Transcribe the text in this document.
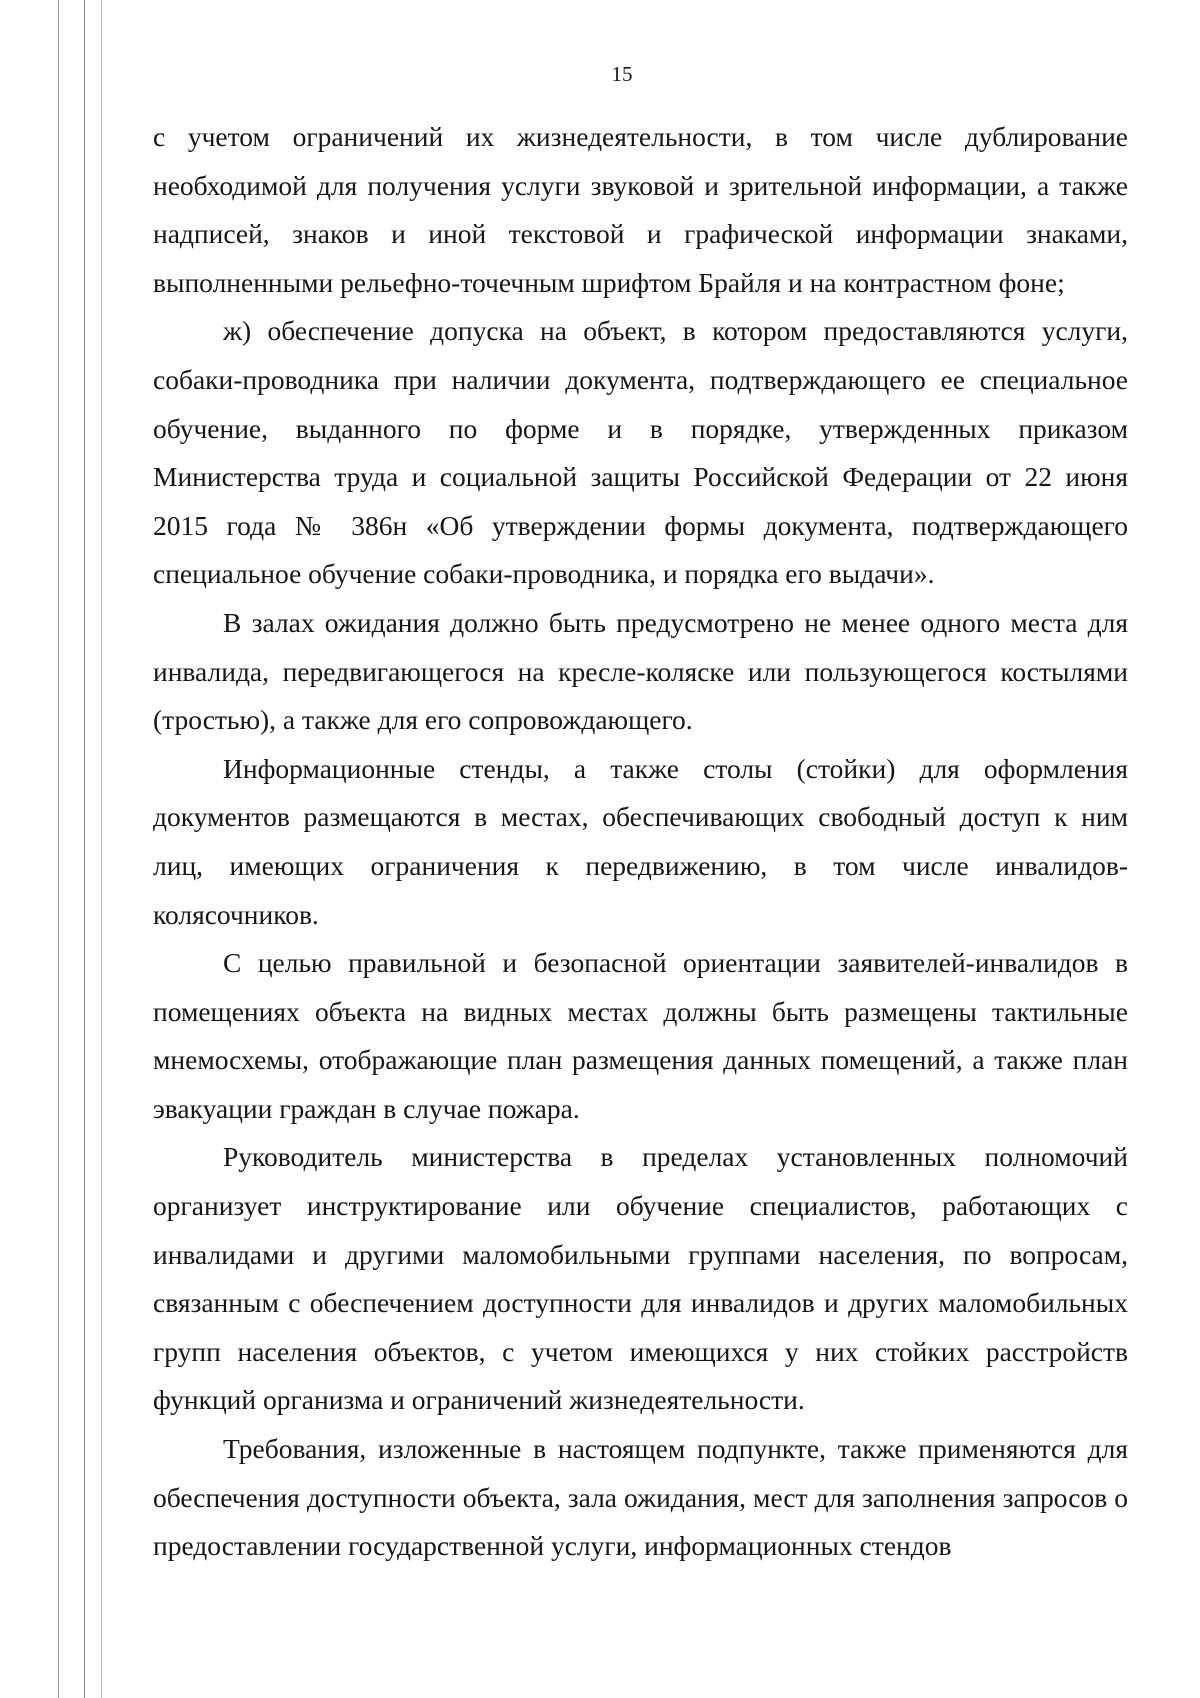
15

с учетом ограничений их жизнедеятельности, в том числе дублирование необходимой для получения услуги звуковой и зрительной информации, а также надписей, знаков и иной текстовой и графической информации знаками, выполненными рельефно-точечным шрифтом Брайля и на контрастном фоне;

ж) обеспечение допуска на объект, в котором предоставляются услуги, собаки-проводника при наличии документа, подтверждающего ее специальное обучение, выданного по форме и в порядке, утвержденных приказом Министерства труда и социальной защиты Российской Федерации от 22 июня 2015 года № 386н «Об утверждении формы документа, подтверждающего специальное обучение собаки-проводника, и порядка его выдачи».

В залах ожидания должно быть предусмотрено не менее одного места для инвалида, передвигающегося на кресле-коляске или пользующегося костылями (тростью), а также для его сопровождающего.

Информационные стенды, а также столы (стойки) для оформления документов размещаются в местах, обеспечивающих свободный доступ к ним лиц, имеющих ограничения к передвижению, в том числе инвалидов-колясочников.

С целью правильной и безопасной ориентации заявителей-инвалидов в помещениях объекта на видных местах должны быть размещены тактильные мнемосхемы, отображающие план размещения данных помещений, а также план эвакуации граждан в случае пожара.

Руководитель министерства в пределах установленных полномочий организует инструктирование или обучение специалистов, работающих с инвалидами и другими маломобильными группами населения, по вопросам, связанным с обеспечением доступности для инвалидов и других маломобильных групп населения объектов, с учетом имеющихся у них стойких расстройств функций организма и ограничений жизнедеятельности.

Требования, изложенные в настоящем подпункте, также применяются для обеспечения доступности объекта, зала ожидания, мест для заполнения запросов о предоставлении государственной услуги, информационных стендов
